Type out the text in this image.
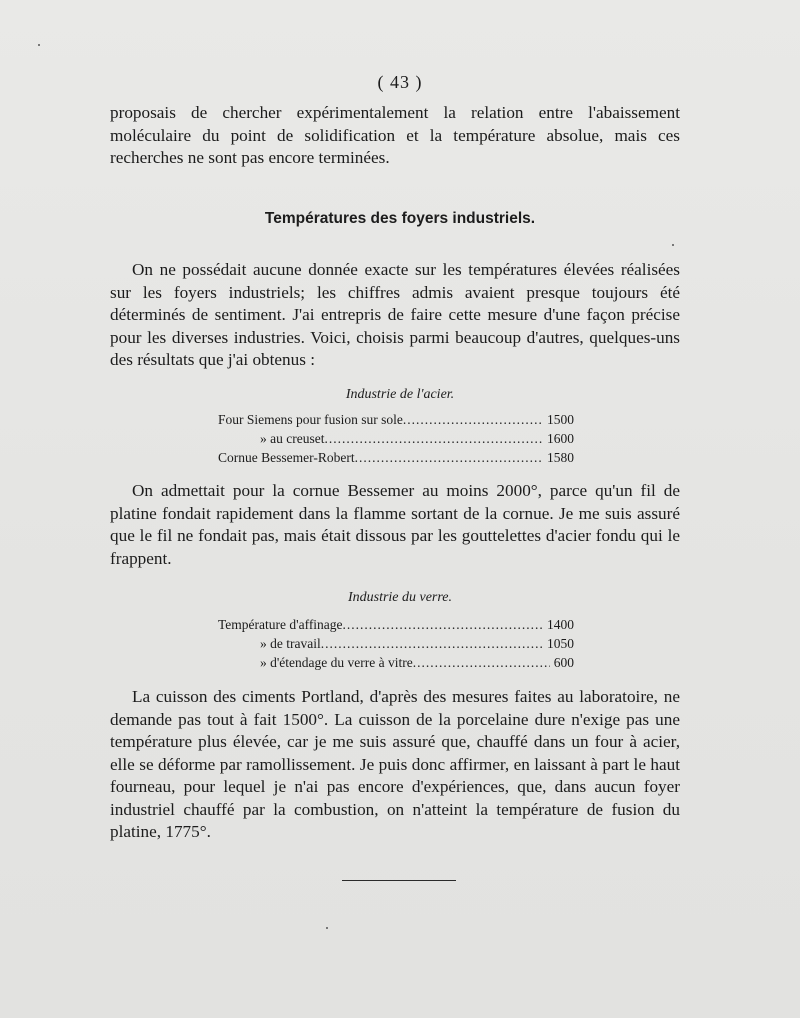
( 43 )

proposais de chercher expérimentalement la relation entre l'abaissement moléculaire du point de solidification et la température absolue, mais ces recherches ne sont pas encore terminées.

Températures des foyers industriels.

On ne possédait aucune donnée exacte sur les températures élevées réalisées sur les foyers industriels; les chiffres admis avaient presque toujours été déterminés de sentiment. J'ai entrepris de faire cette mesure d'une façon précise pour les diverses industries. Voici, choisis parmi beaucoup d'autres, quelques-uns des résultats que j'ai obtenus :

Industrie de l'acier.

Four Siemens pour fusion sur sole .....	1500
» au creuset .....	1600
Cornue Bessemer-Robert .....	1580

On admettait pour la cornue Bessemer au moins 2000°, parce qu'un fil de platine fondait rapidement dans la flamme sortant de la cornue. Je me suis assuré que le fil ne fondait pas, mais était dissous par les gouttelettes d'acier fondu qui le frappent.

Industrie du verre.

Température d'affinage .....	1400
» de travail .....	1050
» d'étendage du verre à vitre .....	600

La cuisson des ciments Portland, d'après des mesures faites au laboratoire, ne demande pas tout à fait 1500°. La cuisson de la porcelaine dure n'exige pas une température plus élevée, car je me suis assuré que, chauffé dans un four à acier, elle se déforme par ramollissement. Je puis donc affirmer, en laissant à part le haut fourneau, pour lequel je n'ai pas encore d'expériences, que, dans aucun foyer industriel chauffé par la combustion, on n'atteint la température de fusion du platine, 1775°.
